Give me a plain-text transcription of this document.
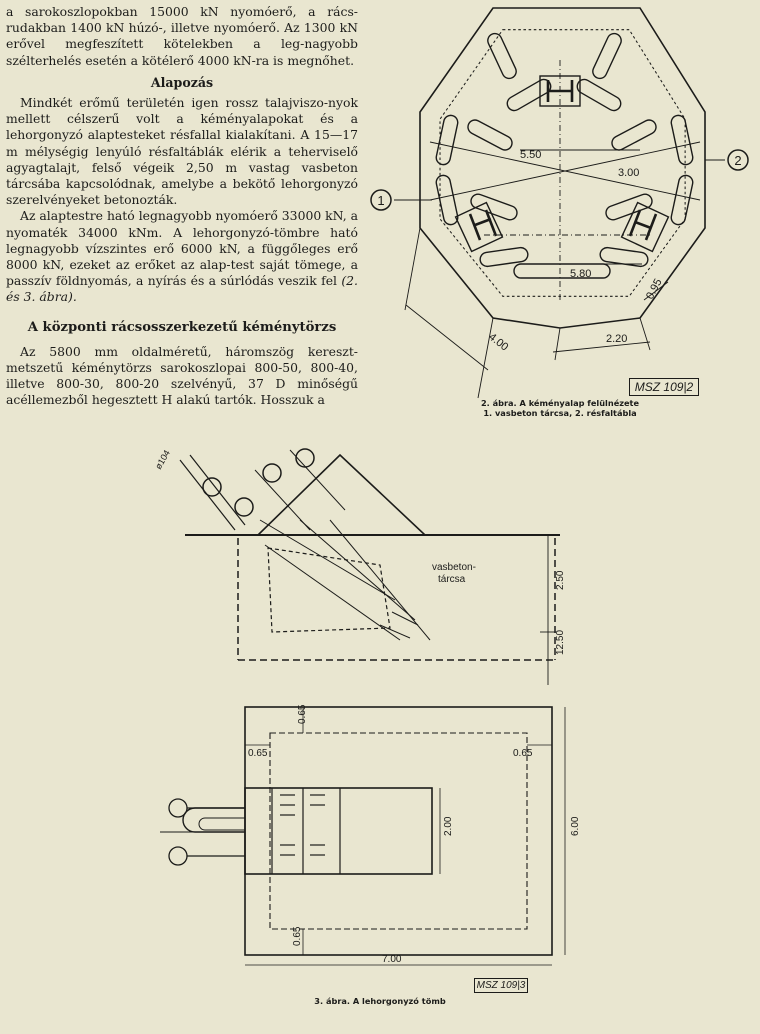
a sarokoszlopokban 15000 kN nyomóerő, a rács-rudakban 1400 kN húzó-, illetve nyomóerő. Az 1300 kN erővel megfeszített kötelekben a leg-nagyobb szélterhelés esetén a kötélerő 4000 kN-ra is megnőhet.

Alapozás

Mindkét erőmű területén igen rossz talajviszo-nyok mellett célszerű volt a kéményalapokat és a lehorgonyzó alaptesteket résfallal kialakítani. A 15—17 m mélységig lenyúló résfaltáblák elérik a teherviselő agyagtalajt, felső végeik 2,50 m vastag vasbeton tárcsába kapcsolódnak, amelybe a bekötő lehorgonyzó szerelvényeket betonozták.

Az alaptestre ható legnagyobb nyomóerő 33000 kN, a nyomaték 34000 kNm. A lehorgonyzó-tömbre ható legnagyobb vízszintes erő 6000 kN, a függőleges erő 8000 kN, ezeket az erőket az alap-test saját tömege, a passzív földnyomás, a nyírás és a súrlódás veszik fel (2. és 3. ábra).

A központi rácsosszerkezetű kéménytörzs

Az 5800 mm oldalméretű, háromszög kereszt-metszetű kéménytörzs sarokoszlopai 800-50, 800-40, illetve 800-30, 800-20 szelvényű, 37 D minőségű acéllemezből hegesztett H alakú tartók. Hosszuk a

1
2
5.50
3.00
5.80
0.95
4.00	2.20
MSZ 109|2
2. ábra. A kéményalap felülnézete
1. vasbeton tárcsa, 2. résfaltábla
vasbeton-
tárcsa
ø104
2.50
12.50
0.65
0.65	0.65
0.65
2.00	6.00
7.00
MSZ 109|3
3. ábra. A lehorgonyzó tömb
